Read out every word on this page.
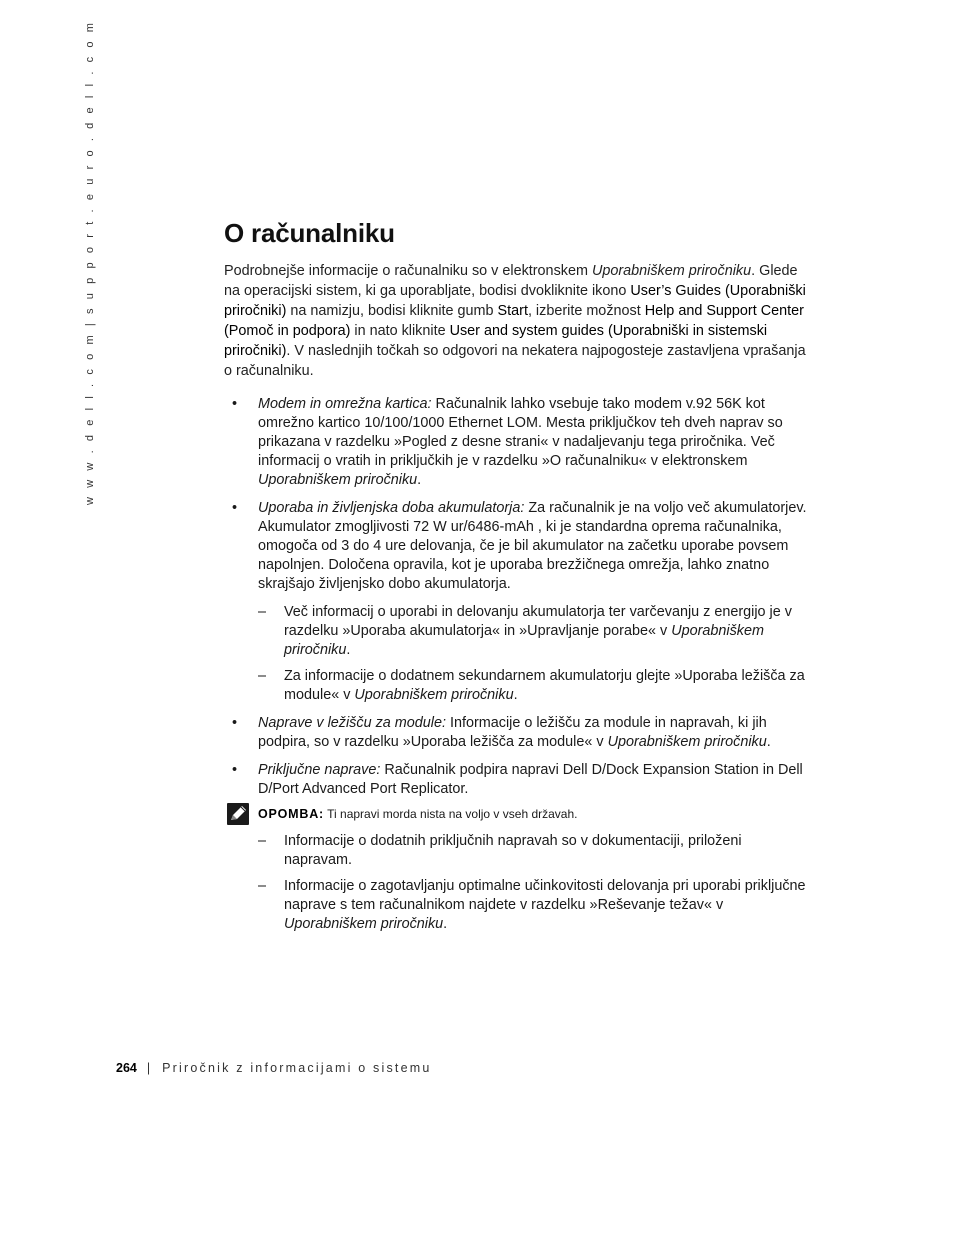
w w w . d e l l . c o m | s u p p o r t . e u r o . d e l l . c o m	O računalniku

Podrobnejše informacije o računalniku so v elektronskem Uporabniškem priročniku. Glede na operacijski sistem, ki ga uporabljate, bodisi dvokliknite ikono User’s Guides (Uporabniški priročniki) na namizju, bodisi kliknite gumb Start, izberite možnost Help and Support Center (Pomoč in podpora) in nato kliknite User and system guides (Uporabniški in sistemski priročniki). V naslednjih točkah so odgovori na nekatera najpogosteje zastavljena vprašanja o računalniku.

• Modem in omrežna kartica: Računalnik lahko vsebuje tako modem v.92 56K kot omrežno kartico 10/100/1000 Ethernet LOM. Mesta priključkov teh dveh naprav so prikazana v razdelku »Pogled z desne strani« v nadaljevanju tega priročnika. Več informacij o vratih in priključkih je v razdelku »O računalniku« v elektronskem Uporabniškem priročniku.
• Uporaba in življenjska doba akumulatorja: Za računalnik je na voljo več akumulatorjev. Akumulator zmogljivosti 72 W ur/6486-mAh , ki je standardna oprema računalnika, omogoča od 3 do 4 ure delovanja, če je bil akumulator na začetku uporabe povsem napolnjen. Določena opravila, kot je uporaba brezžičnega omrežja, lahko znatno skrajšajo življenjsko dobo akumulatorja.
– Več informacij o uporabi in delovanju akumulatorja ter varčevanju z energijo je v razdelku »Uporaba akumulatorja« in »Upravljanje porabe« v Uporabniškem priročniku.
– Za informacije o dodatnem sekundarnem akumulatorju glejte »Uporaba ležišča za module« v Uporabniškem priročniku.
• Naprave v ležišču za module: Informacije o ležišču za module in napravah, ki jih podpira, so v razdelku »Uporaba ležišča za module« v Uporabniškem priročniku.
• Priključne naprave: Računalnik podpira napravi Dell D/Dock Expansion Station in Dell D/Port Advanced Port Replicator.
OPOMBA: Ti napravi morda nista na voljo v vseh državah.
– Informacije o dodatnih priključnih napravah so v dokumentaciji, priloženi napravam.
– Informacije o zagotavljanju optimalne učinkovitosti delovanja pri uporabi priključne naprave s tem računalnikom najdete v razdelku »Reševanje težav« v Uporabniškem priročniku.
264 | Priročnik z informacijami o sistemu
